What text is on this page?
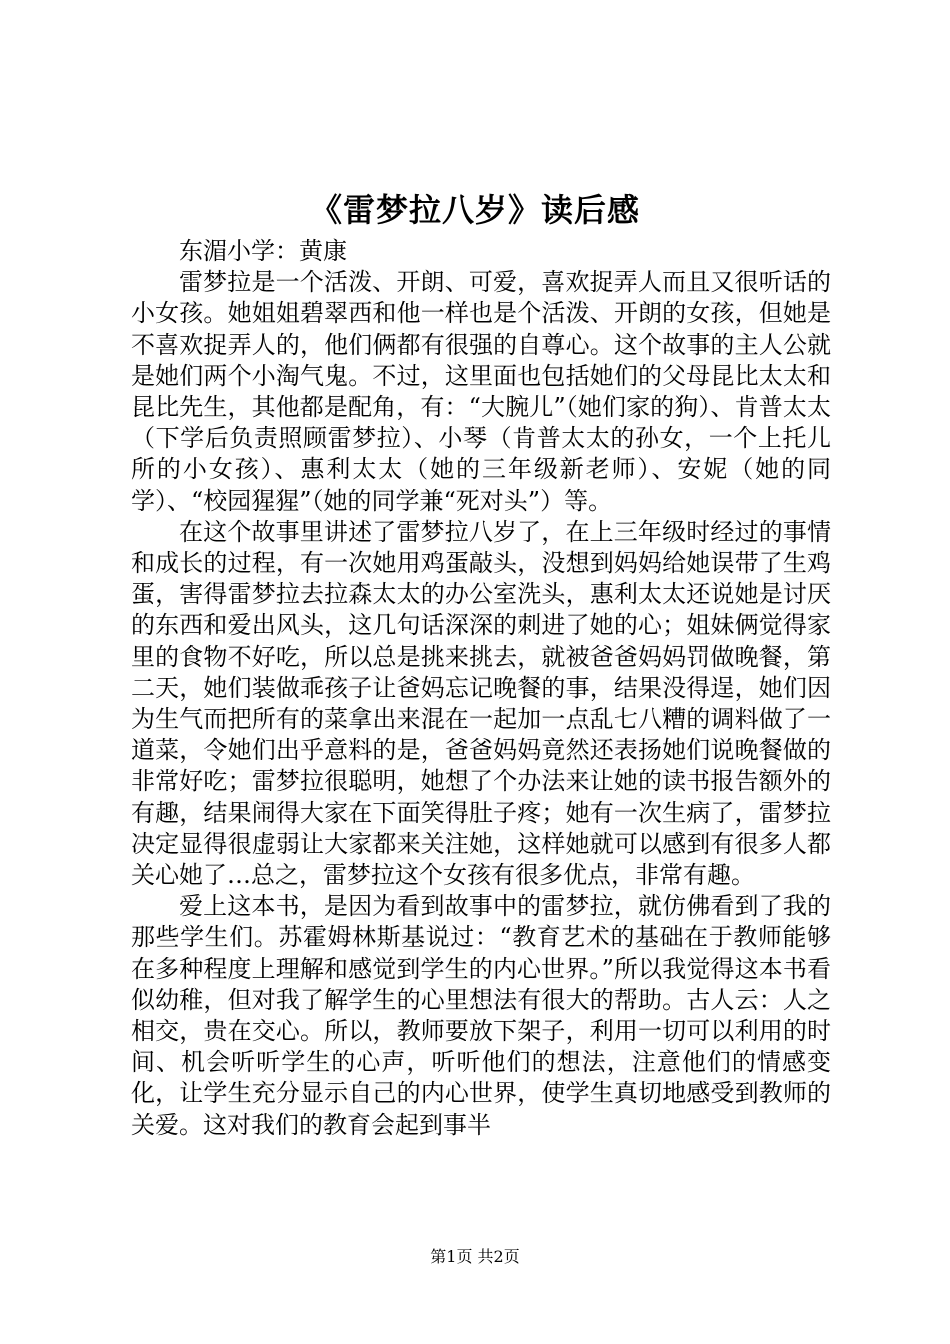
《雷梦拉八岁》读后感

东湄小学：黄康

雷梦拉是一个活泼、开朗、可爱，喜欢捉弄人而且又很听话的小女孩。她姐姐碧翠西和他一样也是个活泼、开朗的女孩，但她是不喜欢捉弄人的，他们俩都有很强的自尊心。这个故事的主人公就是她们两个小淘气鬼。不过，这里面也包括她们的父母昆比太太和昆比先生，其他都是配角，有：“大腕儿”（她们家的狗）、肯普太太（下学后负责照顾雷梦拉）、小琴（肯普太太的孙女，一个上托儿所的小女孩）、惠利太太（她的三年级新老师）、安妮（她的同学）、“校园猩猩”（她的同学兼“死对头”）等。

在这个故事里讲述了雷梦拉八岁了，在上三年级时经过的事情和成长的过程，有一次她用鸡蛋敲头，没想到妈妈给她误带了生鸡蛋，害得雷梦拉去拉森太太的办公室洗头，惠利太太还说她是讨厌的东西和爱出风头，这几句话深深的刺进了她的心；姐妹俩觉得家里的食物不好吃，所以总是挑来挑去，就被爸爸妈妈罚做晚餐，第二天，她们装做乖孩子让爸妈忘记晚餐的事，结果没得逞，她们因为生气而把所有的菜拿出来混在一起加一点乱七八糟的调料做了一道菜，令她们出乎意料的是，爸爸妈妈竟然还表扬她们说晚餐做的非常好吃；雷梦拉很聪明，她想了个办法来让她的读书报告额外的有趣，结果闹得大家在下面笑得肚子疼；她有一次生病了，雷梦拉决定显得很虚弱让大家都来关注她，这样她就可以感到有很多人都关心她了…总之，雷梦拉这个女孩有很多优点，非常有趣。

爱上这本书，是因为看到故事中的雷梦拉，就仿佛看到了我的那些学生们。苏霍姆林斯基说过：“教育艺术的基础在于教师能够在多种程度上理解和感觉到学生的内心世界。”所以我觉得这本书看似幼稚，但对我了解学生的心里想法有很大的帮助。古人云：人之相交，贵在交心。所以，教师要放下架子，利用一切可以利用的时间、机会听听学生的心声，听听他们的想法，注意他们的情感变化，让学生充分显示自己的内心世界，使学生真切地感受到教师的关爱。这对我们的教育会起到事半

第1页 共2页
